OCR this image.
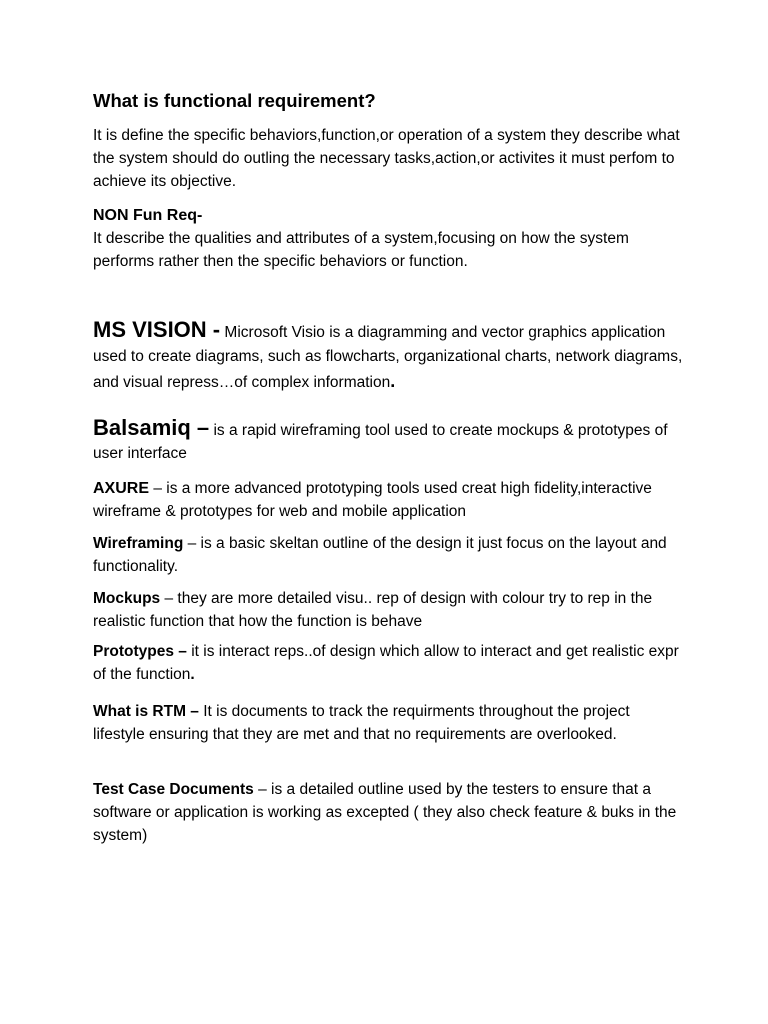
What is functional requirement?

It is define the specific behaviors,function,or operation of a system they describe what the system should do outling the necessary tasks,action,or activites it must perfom to achieve its objective.

NON Fun Req-

It describe the qualities and attributes of a system,focusing on how the system performs rather then the specific behaviors or function.

MS VISION - Microsoft Visio is a diagramming and vector graphics application used to create diagrams, such as flowcharts, organizational charts, network diagrams, and visual repress…of complex information.

Balsamiq – is a rapid wireframing tool used to create mockups & prototypes of user interface

AXURE – is a more advanced prototyping tools used creat high fidelity,interactive wireframe & prototypes for web and mobile application

Wireframing – is a basic skeltan outline of the design it just focus on the layout and functionality.

Mockups – they are more detailed visu.. rep of design with colour try to rep in the realistic function that how the function is behave

Prototypes – it is interact reps..of design which allow to interact and get realistic expr of the function.

What is RTM – It is documents to track the requirments throughout the project lifestyle ensuring that they are met and that no requirements are overlooked.

Test Case Documents – is a detailed outline used by the testers to ensure that a software or application is working as excepted ( they also check feature & buks in the system)
